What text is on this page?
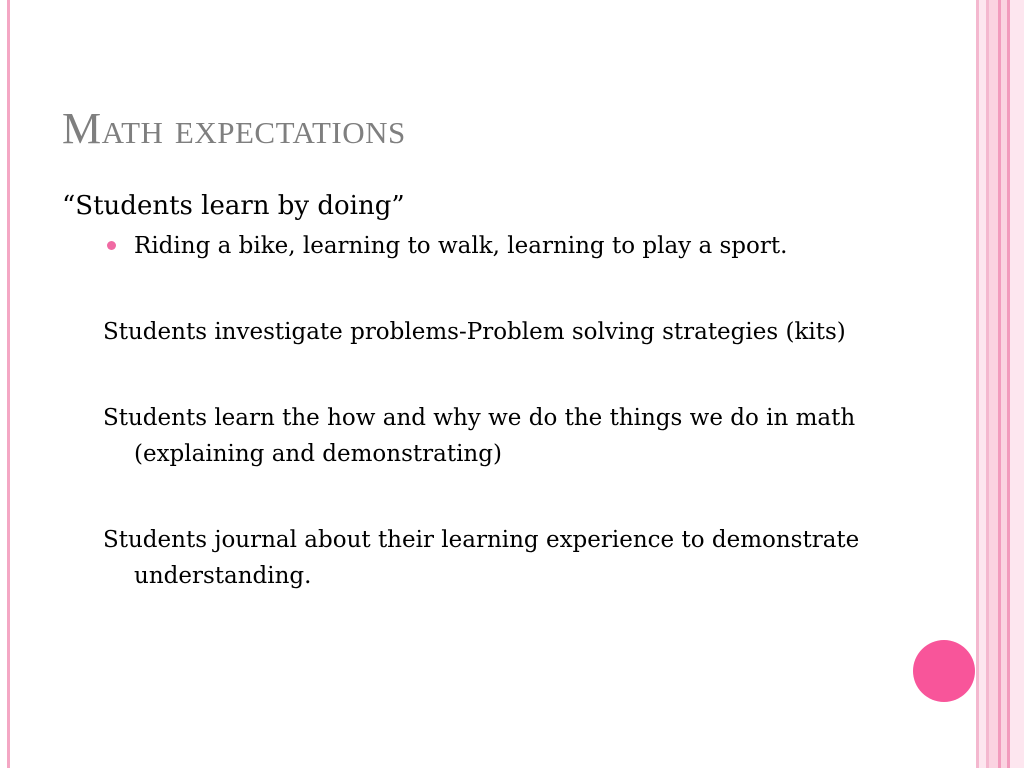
Math expectations

“Students learn by doing”

Riding a bike, learning to walk, learning to play a sport.
Students investigate problems-Problem solving strategies (kits)
Students learn the how and why we do the things we do in math (explaining and demonstrating)
Students journal about their learning experience to demonstrate understanding.
